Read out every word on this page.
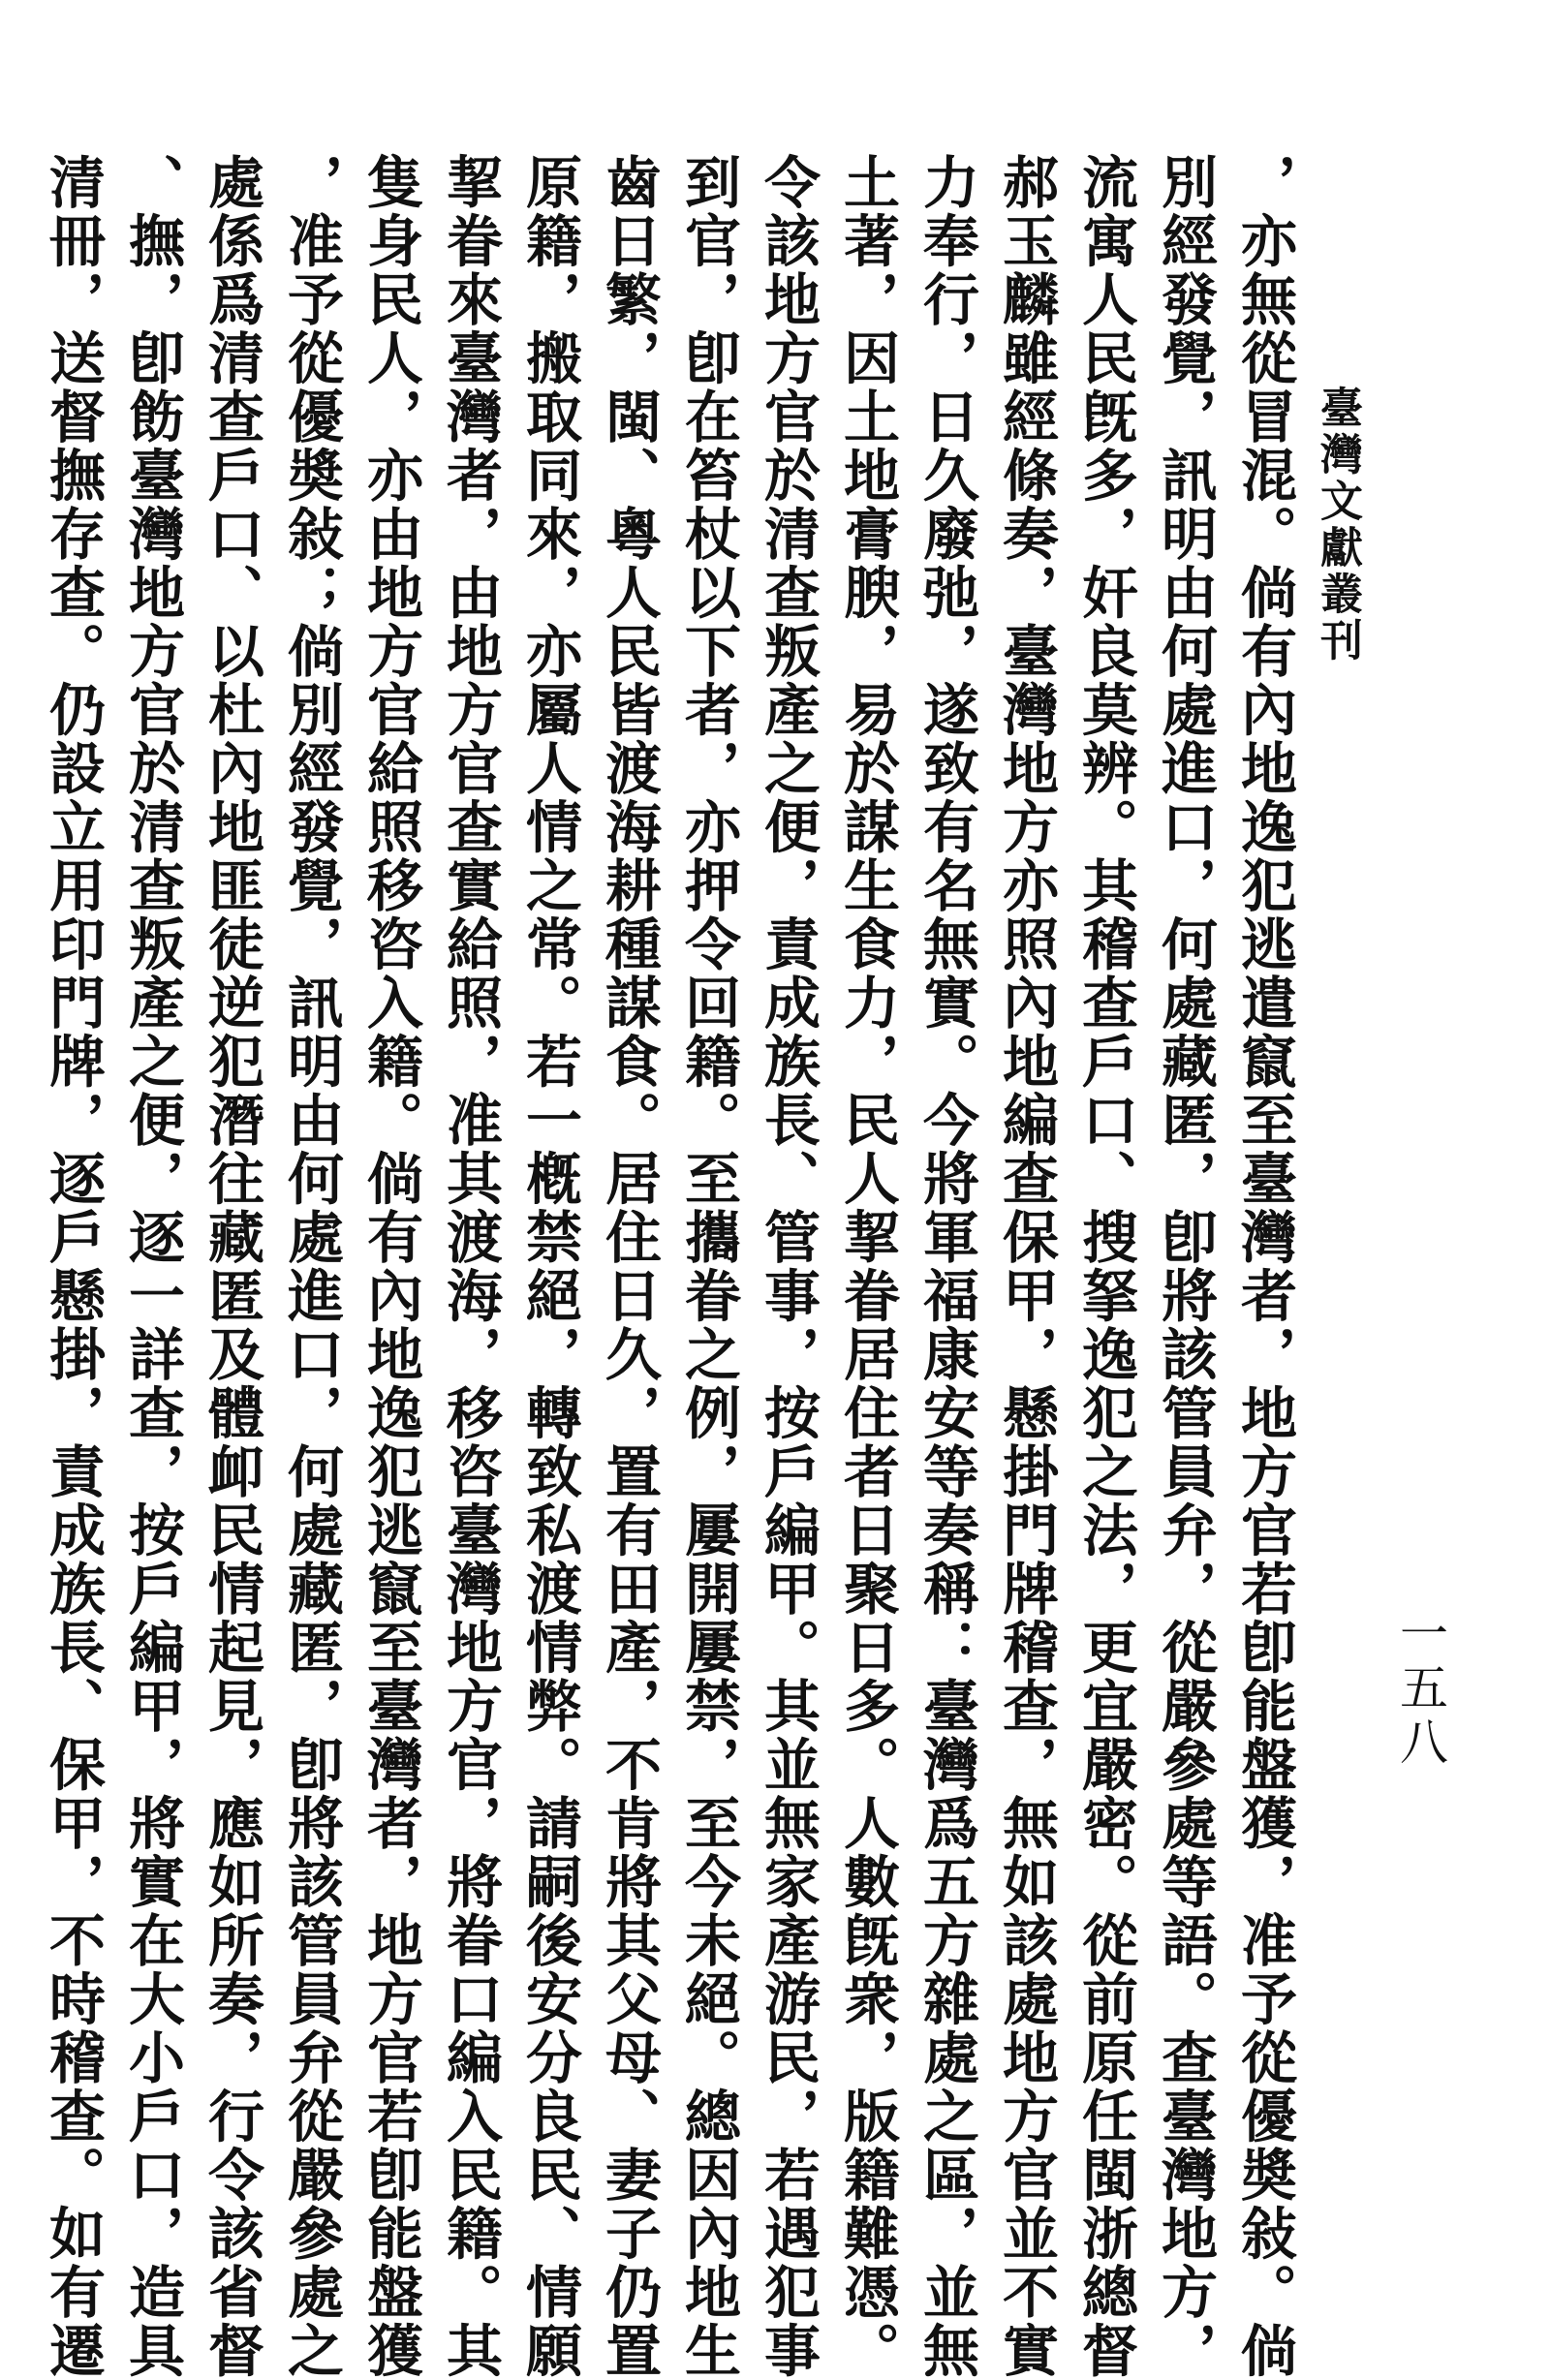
臺灣文獻叢刊
一五八
，亦無從冒混。倘有內地逸犯逃遣竄至臺灣者，地方官若卽能盤獲，准予從優奬敍。倘
別經發覺，訊明由何處進口，何處藏匿，卽將該管員弁，從嚴參處等語。查臺灣地方，
流寓人民旣多，奸良莫辨。其稽查戶口、搜拏逸犯之法，更宜嚴密。從前原任閩浙總督
郝玉麟雖經條奏，臺灣地方亦照內地編查保甲，懸掛門牌稽查，無如該處地方官並不實
力奉行，日久廢弛，遂致有名無實。今將軍福康安等奏稱：臺灣爲五方雜處之區，並無
土著，因土地膏腴，易於謀生食力，民人挈眷居住者日聚日多。人數旣衆，版籍難憑。
令該地方官於清查叛產之便，責成族長、管事，按戶編甲。其並無家產游民，若遇犯事
到官，卽在笞杖以下者，亦押令回籍。至攜眷之例，屢開屢禁，至今未絕。總因內地生
齒日繁，閩、粵人民皆渡海耕種謀食。居住日久，置有田產，不肯將其父母、妻子仍置
原籍，搬取同來，亦屬人情之常。若一槪禁絕，轉致私渡情弊。請嗣後安分良民、情願
挈眷來臺灣者，由地方官查實給照，准其渡海，移咨臺灣地方官，將眷口編入民籍。其
隻身民人，亦由地方官給照移咨入籍。倘有內地逸犯逃竄至臺灣者，地方官若卽能盤獲
，准予從優奬敍；倘別經發覺，訊明由何處進口，何處藏匿，卽將該管員弁從嚴參處之
處係爲清查戶口、以杜內地匪徒逆犯潛往藏匿及體卹民情起見，應如所奏，行令該省督
、撫，卽飭臺灣地方官於清查叛產之便，逐一詳查，按戶編甲，將實在大小戶口，造具
清冊，送督撫存查。仍設立用印門牌，逐戶懸掛，責成族長、保甲，不時稽查。如有遷
